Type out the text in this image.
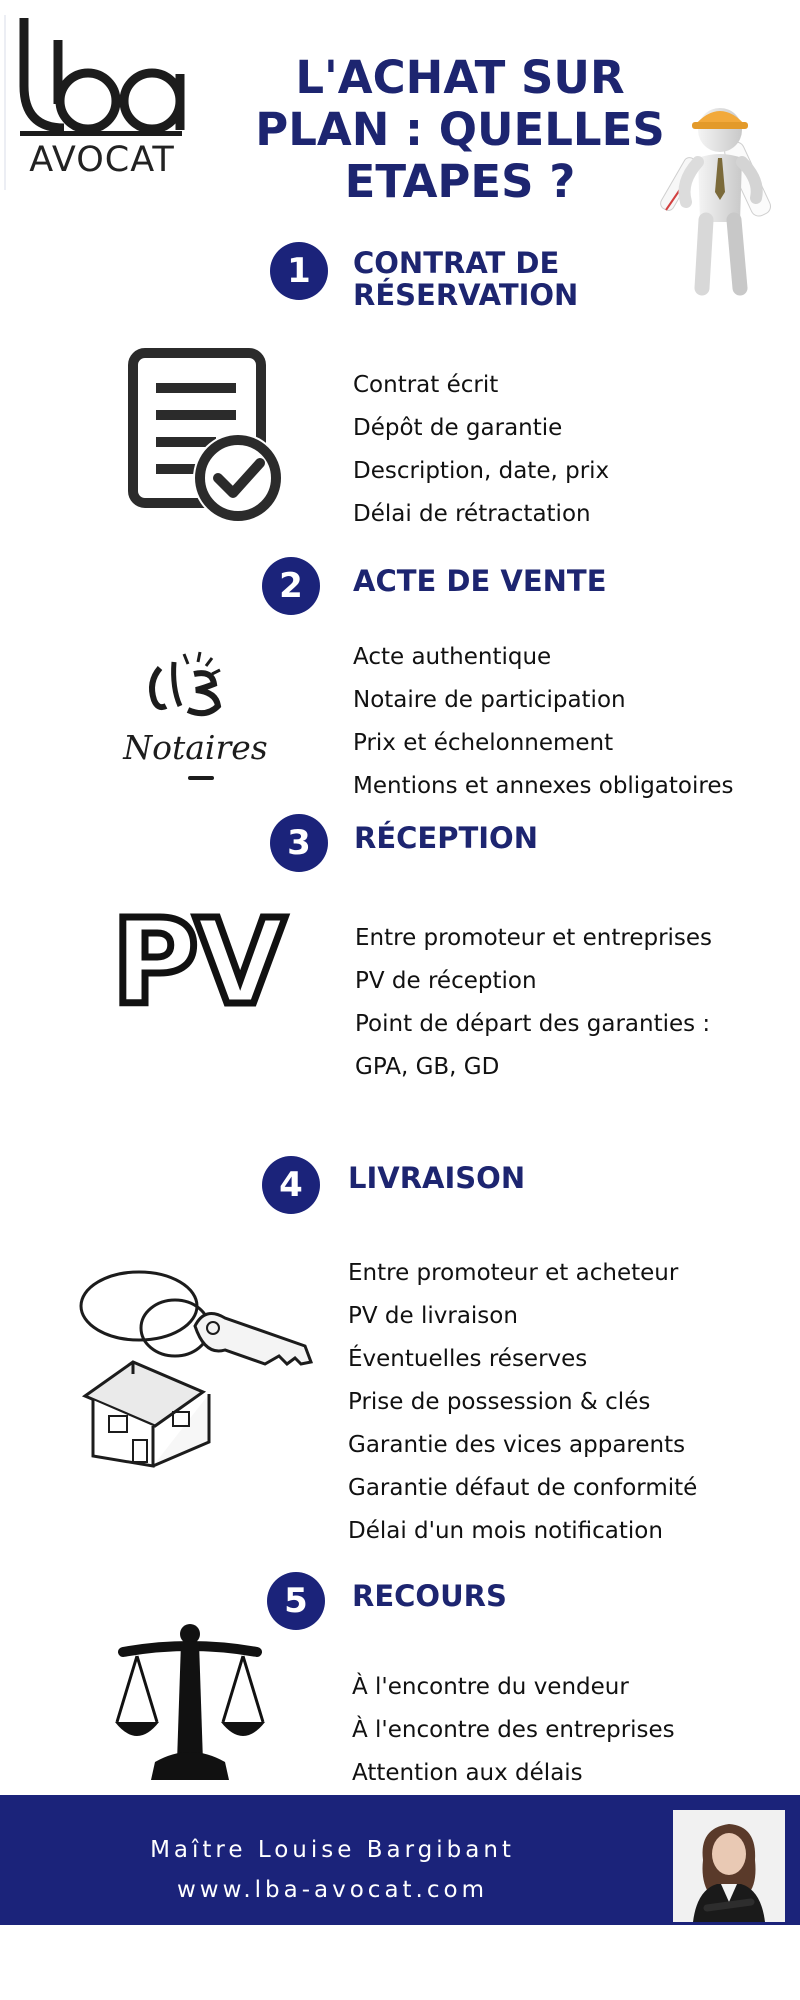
AVOCAT
L'ACHAT SUR
PLAN : QUELLES
ETAPES ?
1	CONTRAT DE
RÉSERVATION
Contrat écrit
Dépôt de garantie
Description, date, prix
Délai de rétractation
2	ACTE DE VENTE
Notaires
Acte authentique
Notaire de participation
Prix et échelonnement
Mentions et annexes obligatoires
3	RÉCEPTION
PV	Entre promoteur et entreprises
PV de réception
Point de départ des garanties :
GPA, GB, GD
4	LIVRAISON
Entre promoteur et acheteur
PV de livraison
Éventuelles réserves
Prise de possession & clés
Garantie des vices apparents
Garantie défaut de conformité
Délai d'un mois notification
5	RECOURS
À l'encontre du vendeur
À l'encontre des entreprises
Attention aux délais
Maître Louise Bargibant
www.lba-avocat.com
